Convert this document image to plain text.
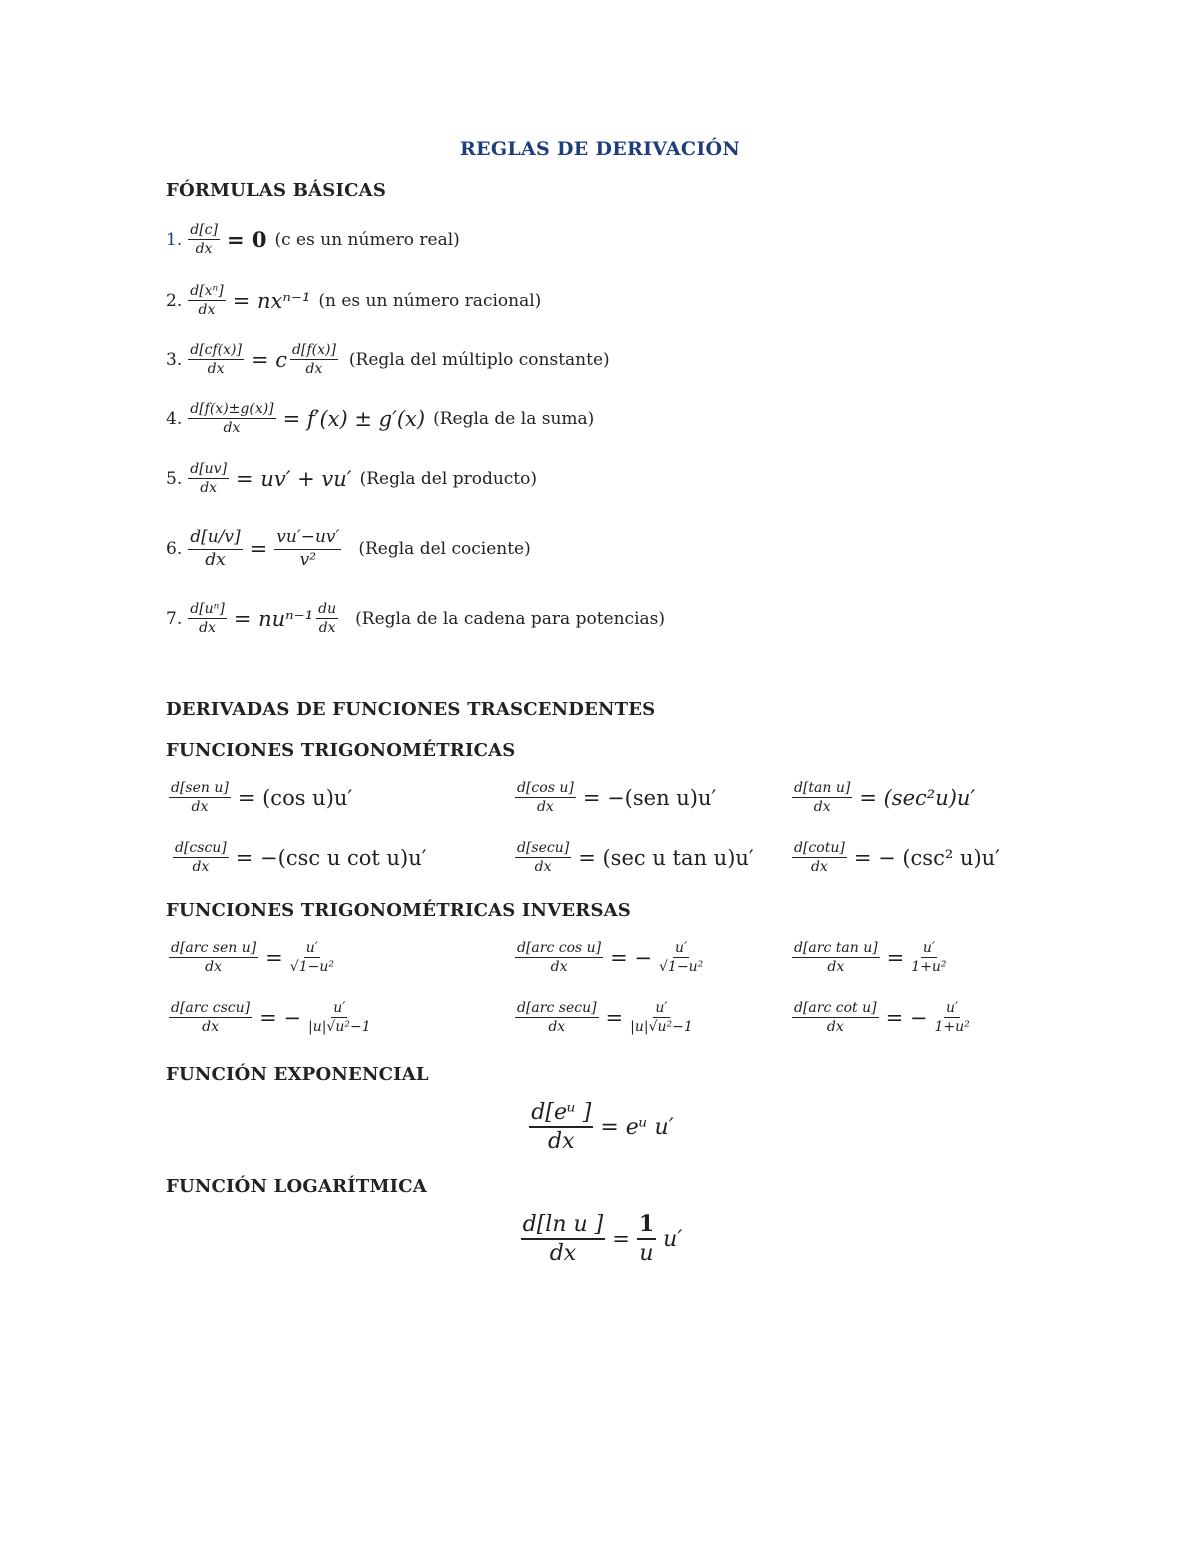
REGLAS DE DERIVACIÓN
FÓRMULAS BÁSICAS
1. $\frac{d[c]}{dx} = 0$ (c es un número real)
2. $\frac{\text{d[xⁿ]}}{dx} = nx^{n-1}$ (n es un número racional)
3. $\frac{d[cf(x)]}{dx} = c \frac{d[f(x)]}{dx}$ (Regla del múltiplo constante)
4. $\frac{d[f(x)\pm g(x)]}{dx} = f'(x) \pm g'(x)$ (Regla de la suma)
5. $\frac{d[uv]}{dx} = uv' + vu'$ (Regla del producto)
6. $\frac{d[u/v]}{dx} = \frac{vu'-uv'}{\text{v²}}$ (Regla del cociente)
7. $\frac{\text{d[uⁿ]}}{dx} = nu^{n-1} \frac{du}{dx}$ (Regla de la cadena para potencias)
DERIVADAS DE FUNCIONES TRASCENDENTES
FUNCIONES TRIGONOMÉTRICAS
$\frac{\text{d[sen u]}}{dx} = (\cos$ u)u′	$\frac{\text{d[cos u]}}{dx} = -(sen$ u)u′	$\frac{\text{d[tan u]}}{dx} = (\sec^2u)u'$
$\frac{d[\csc u]}{dx} = -(\csc$ u cot u)u′	$\frac{d[\sec u]}{dx} = (\sec$ u tan u)u′	$\frac{d[\cot u]}{dx}$ = − (csc² u)u′
FUNCIONES TRIGONOMÉTRICAS INVERSAS
$\frac{\text{d[arc sen u]}}{dx} = \frac{u'}{\text{√1−u²}}$	$\frac{\text{d[arc cos u]}}{dx}$ = − $\frac{u'}{\text{√1−u²}}$	$\frac{\text{d[arc tan u]}}{dx} = \frac{u'}{\text{1+u²}}$
$\frac{\text{d[arc cscu]}}{dx}$ = − $\frac{u'}{\text{|u|√u²−1}}$	$\frac{\text{d[arc secu]}}{dx} = \frac{u'}{\text{|u|√u²−1}}$	$\frac{\text{d[arc cot u]}}{dx}$ = − $\frac{u'}{\text{1+u²}}$
FUNCIÓN EXPONENCIAL
$\frac{\text{d[eᵘ ]}}{dx}$ = eᵘ u′
FUNCIÓN LOGARÍTMICA
$\frac{\text{d[ln u ]}}{dx} = \frac{1}{u} u'$
